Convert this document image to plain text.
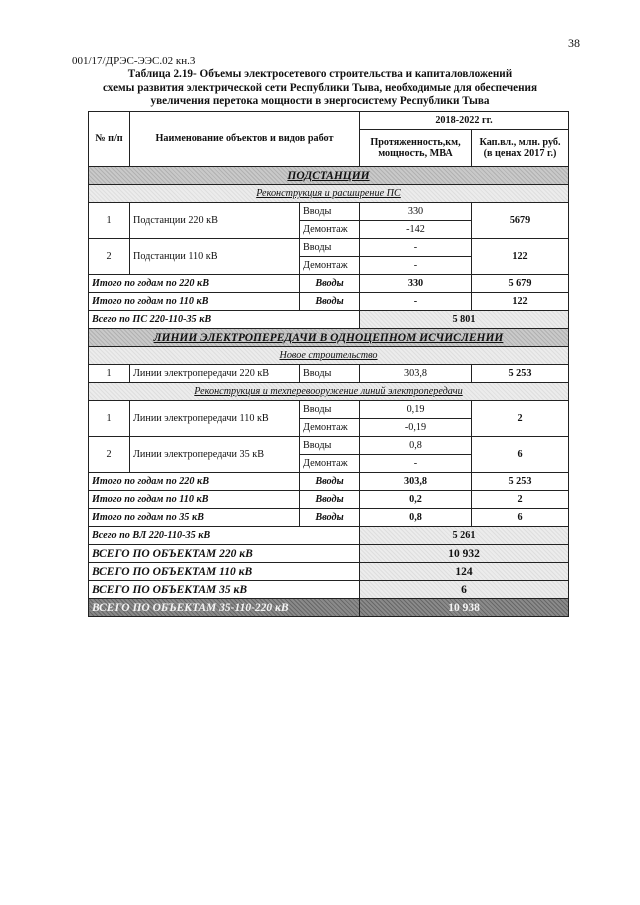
38
001/17/ДРЭС-ЭЭС.02 кн.3
Таблица 2.19- Объемы электросетевого строительства и капиталовложений
схемы развития электрической сети Республики Тыва, необходимые для обеспечения
увеличения перетока мощности в энергосистему Республики Тыва
№ п/п	Наименование объектов и видов работ		2018-2022 гг.	
			Протяженность,км, мощность, МВА	Кап.вл., млн. руб. (в ценах 2017 г.)
ПОДСТАНЦИИ				
Реконструкция и расширение ПС				
1	Подстанции 220 кВ	Вводы	330	5679
		Демонтаж	-142	
2	Подстанции 110 кВ	Вводы	-	122
		Демонтаж	-	
Итого по годам по 220 кВ		Вводы	330	5 679
Итого по годам по 110 кВ		Вводы	-	122
Всего по ПС 220-110-35 кВ			5 801	
ЛИНИИ ЭЛЕКТРОПЕРЕДАЧИ В ОДНОЦЕПНОМ ИСЧИСЛЕНИИ				
Новое строительство				
1	Линии электропередачи 220 кВ	Вводы	303,8	5 253
Реконструкция и техперевооружение линий электропередачи				
1	Линии электропередачи 110 кВ	Вводы	0,19	2
		Демонтаж	-0,19	
2	Линии электропередачи 35 кВ	Вводы	0,8	6
		Демонтаж	-	
Итого по годам по 220 кВ		Вводы	303,8	5 253
Итого по годам по 110 кВ		Вводы	0,2	2
Итого по годам по 35 кВ		Вводы	0,8	6
Всего по ВЛ 220-110-35 кВ			5 261	
ВСЕГО ПО ОБЪЕКТАМ 220 кВ			10 932	
ВСЕГО ПО ОБЪЕКТАМ 110 кВ			124	
ВСЕГО ПО ОБЪЕКТАМ 35 кВ			6	
ВСЕГО ПО ОБЪЕКТАМ 35-110-220 кВ			10 938	
